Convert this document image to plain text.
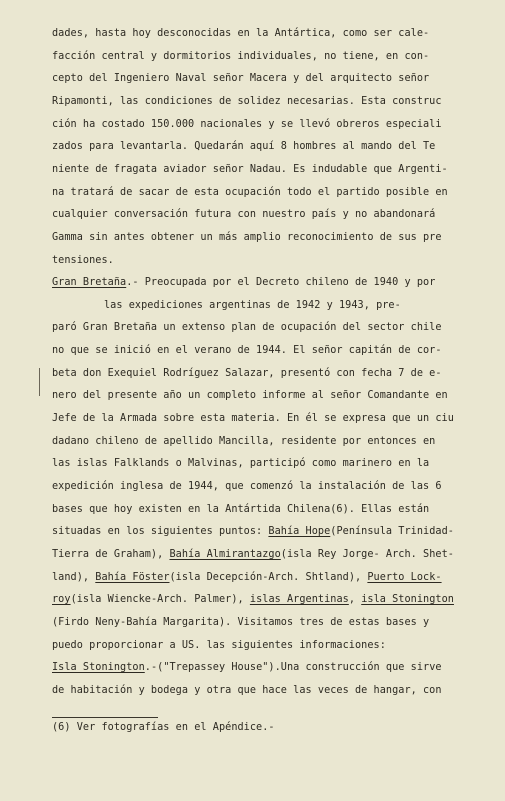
dades, hasta hoy desconocidas en la Antártica, como ser cale-
facción central y dormitorios individuales, no tiene, en con-
cepto del Ingeniero Naval señor Macera y del arquitecto señor
Ripamonti, las condiciones de solidez necesarias. Esta construc
ción ha costado 150.000 nacionales y se llevó obreros especiali
zados para levantarla. Quedarán aquí 8 hombres al mando del Te
niente de fragata aviador señor Nadau. Es indudable que Argenti-
na tratará de sacar de esta ocupación todo el partido posible en
cualquier conversación futura con nuestro país y no abandonará
Gamma sin antes obtener un más amplio reconocimiento de sus pre
tensiones.
Gran Bretaña.- Preocupada por el Decreto chileno de 1940 y por
las expediciones argentinas de 1942 y 1943, pre-
paró Gran Bretaña un extenso plan de ocupación del sector chile
no que se inició en el verano de 1944. El señor capitán de cor-
beta don Exequiel Rodríguez Salazar, presentó con fecha 7 de e-
nero del presente año un completo informe al señor Comandante en
Jefe de la Armada sobre esta materia. En él se expresa que un ciu
dadano chileno de apellido Mancilla, residente por entonces en
las islas Falklands o Malvinas, participó como marinero en la
expedición inglesa de 1944, que comenzó la instalación de las 6
bases que hoy existen en la Antártida Chilena(6). Ellas están
situadas en los siguientes puntos: Bahía Hope(Península Trinidad-
Tierra de Graham), Bahía Almirantazgo(isla Rey Jorge- Arch. Shet-
land), Bahía Föster(isla Decepción-Arch. Shtland), Puerto Lock-
roy(isla Wiencke-Arch. Palmer), islas Argentinas, isla Stonington
(Firdo Neny-Bahía Margarita). Visitamos tres de estas bases y
puedo proporcionar a US. las siguientes informaciones:
Isla Stonington.-("Trepassey House").Una construcción que sirve
de habitación y bodega y otra que hace las veces de hangar, con
(6) Ver fotografías en el Apéndice.-
